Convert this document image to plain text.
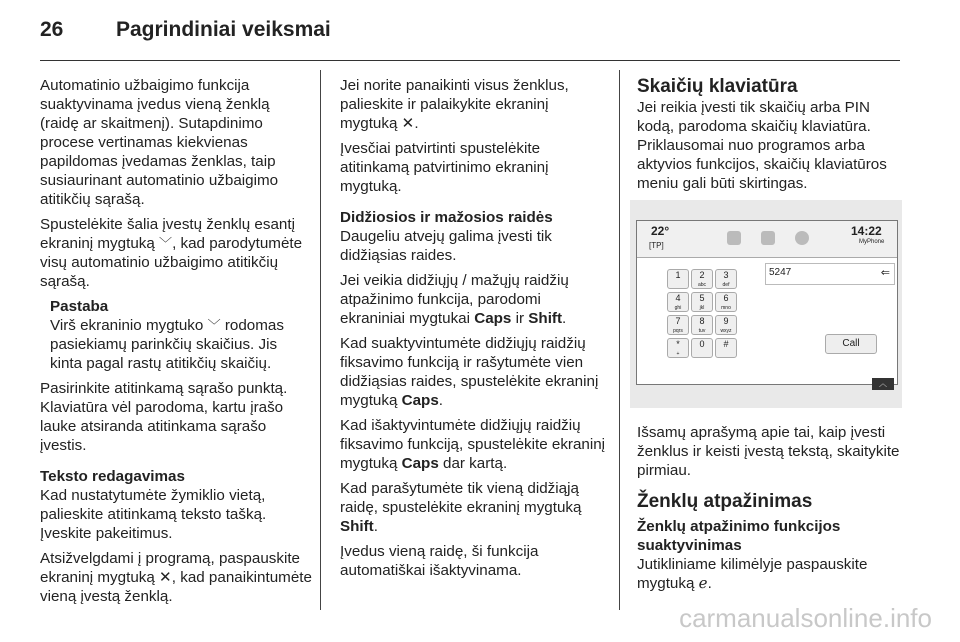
26	Pagrindiniai veiksmai

Automatinio užbaigimo funkcija suaktyvinama įvedus vieną ženklą (raidę ar skaitmenį). Sutapdinimo procese vertinamas kiekvienas papildomas įvedamas ženklas, taip susiaurinant automatinio užbaigimo atitikčių sąrašą.

Spustelėkite šalia įvestų ženklų esantį ekraninį mygtuką ﹀, kad parodytumėte visų automatinio užbaigimo atitikčių sąrašą.

Pastaba

Virš ekraninio mygtuko ﹀ rodomas pasiekiamų parinkčių skaičius. Jis kinta pagal rastų atitikčių skaičių.

Pasirinkite atitinkamą sąrašo punktą. Klaviatūra vėl parodoma, kartu įrašo lauke atsiranda atitinkama sąrašo įvestis.

Teksto redagavimas

Kad nustatytumėte žymiklio vietą, palieskite atitinkamą teksto tašką. Įveskite pakeitimus.

Atsižvelgdami į programą, paspauskite ekraninį mygtuką ✕, kad panaikintumėte vieną įvestą ženklą.

Jei norite panaikinti visus ženklus, palieskite ir palaikykite ekraninį mygtuką ✕.

Įvesčiai patvirtinti spustelėkite atitinkamą patvirtinimo ekraninį mygtuką.

Didžiosios ir mažosios raidės

Daugeliu atvejų galima įvesti tik didžiąsias raides.

Jei veikia didžiųjų / mažųjų raidžių atpažinimo funkcija, parodomi ekraniniai mygtukai Caps ir Shift.

Kad suaktyvintumėte didžiųjų raidžių fiksavimo funkciją ir rašytumėte vien didžiąsias raides, spustelėkite ekraninį mygtuką Caps.

Kad išaktyvintumėte didžiųjų raidžių fiksavimo funkciją, spustelėkite ekraninį mygtuką Caps dar kartą.

Kad parašytumėte tik vieną didžiąją raidę, spustelėkite ekraninį mygtuką Shift.

Įvedus vieną raidę, ši funkcija automatiškai išaktyvinama.

Skaičių klaviatūra

Jei reikia įvesti tik skaičių arba PIN kodą, parodoma skaičių klaviatūra. Priklausomai nuo programos arba aktyvios funkcijos, skaičių klaviatūros meniu gali būti skirtingas.

Išsamų aprašymą apie tai, kaip įvesti ženklus ir keisti įvestą tekstą, skaitykite pirmiau.

Ženklų atpažinimas
Ženklų atpažinimo funkcijos suaktyvinimas

Jutikliniame kilimėlyje paspauskite mygtuką ℯ.

22°
[TP]
14:22
MyPhone
1	2
abc
3
def
4
ghi
5
jkl
6
mno
7
pqrs
8
tuv
9
wxyz
*
+
0	#
5247	⇐
Call
︿
carmanualsonline.info
